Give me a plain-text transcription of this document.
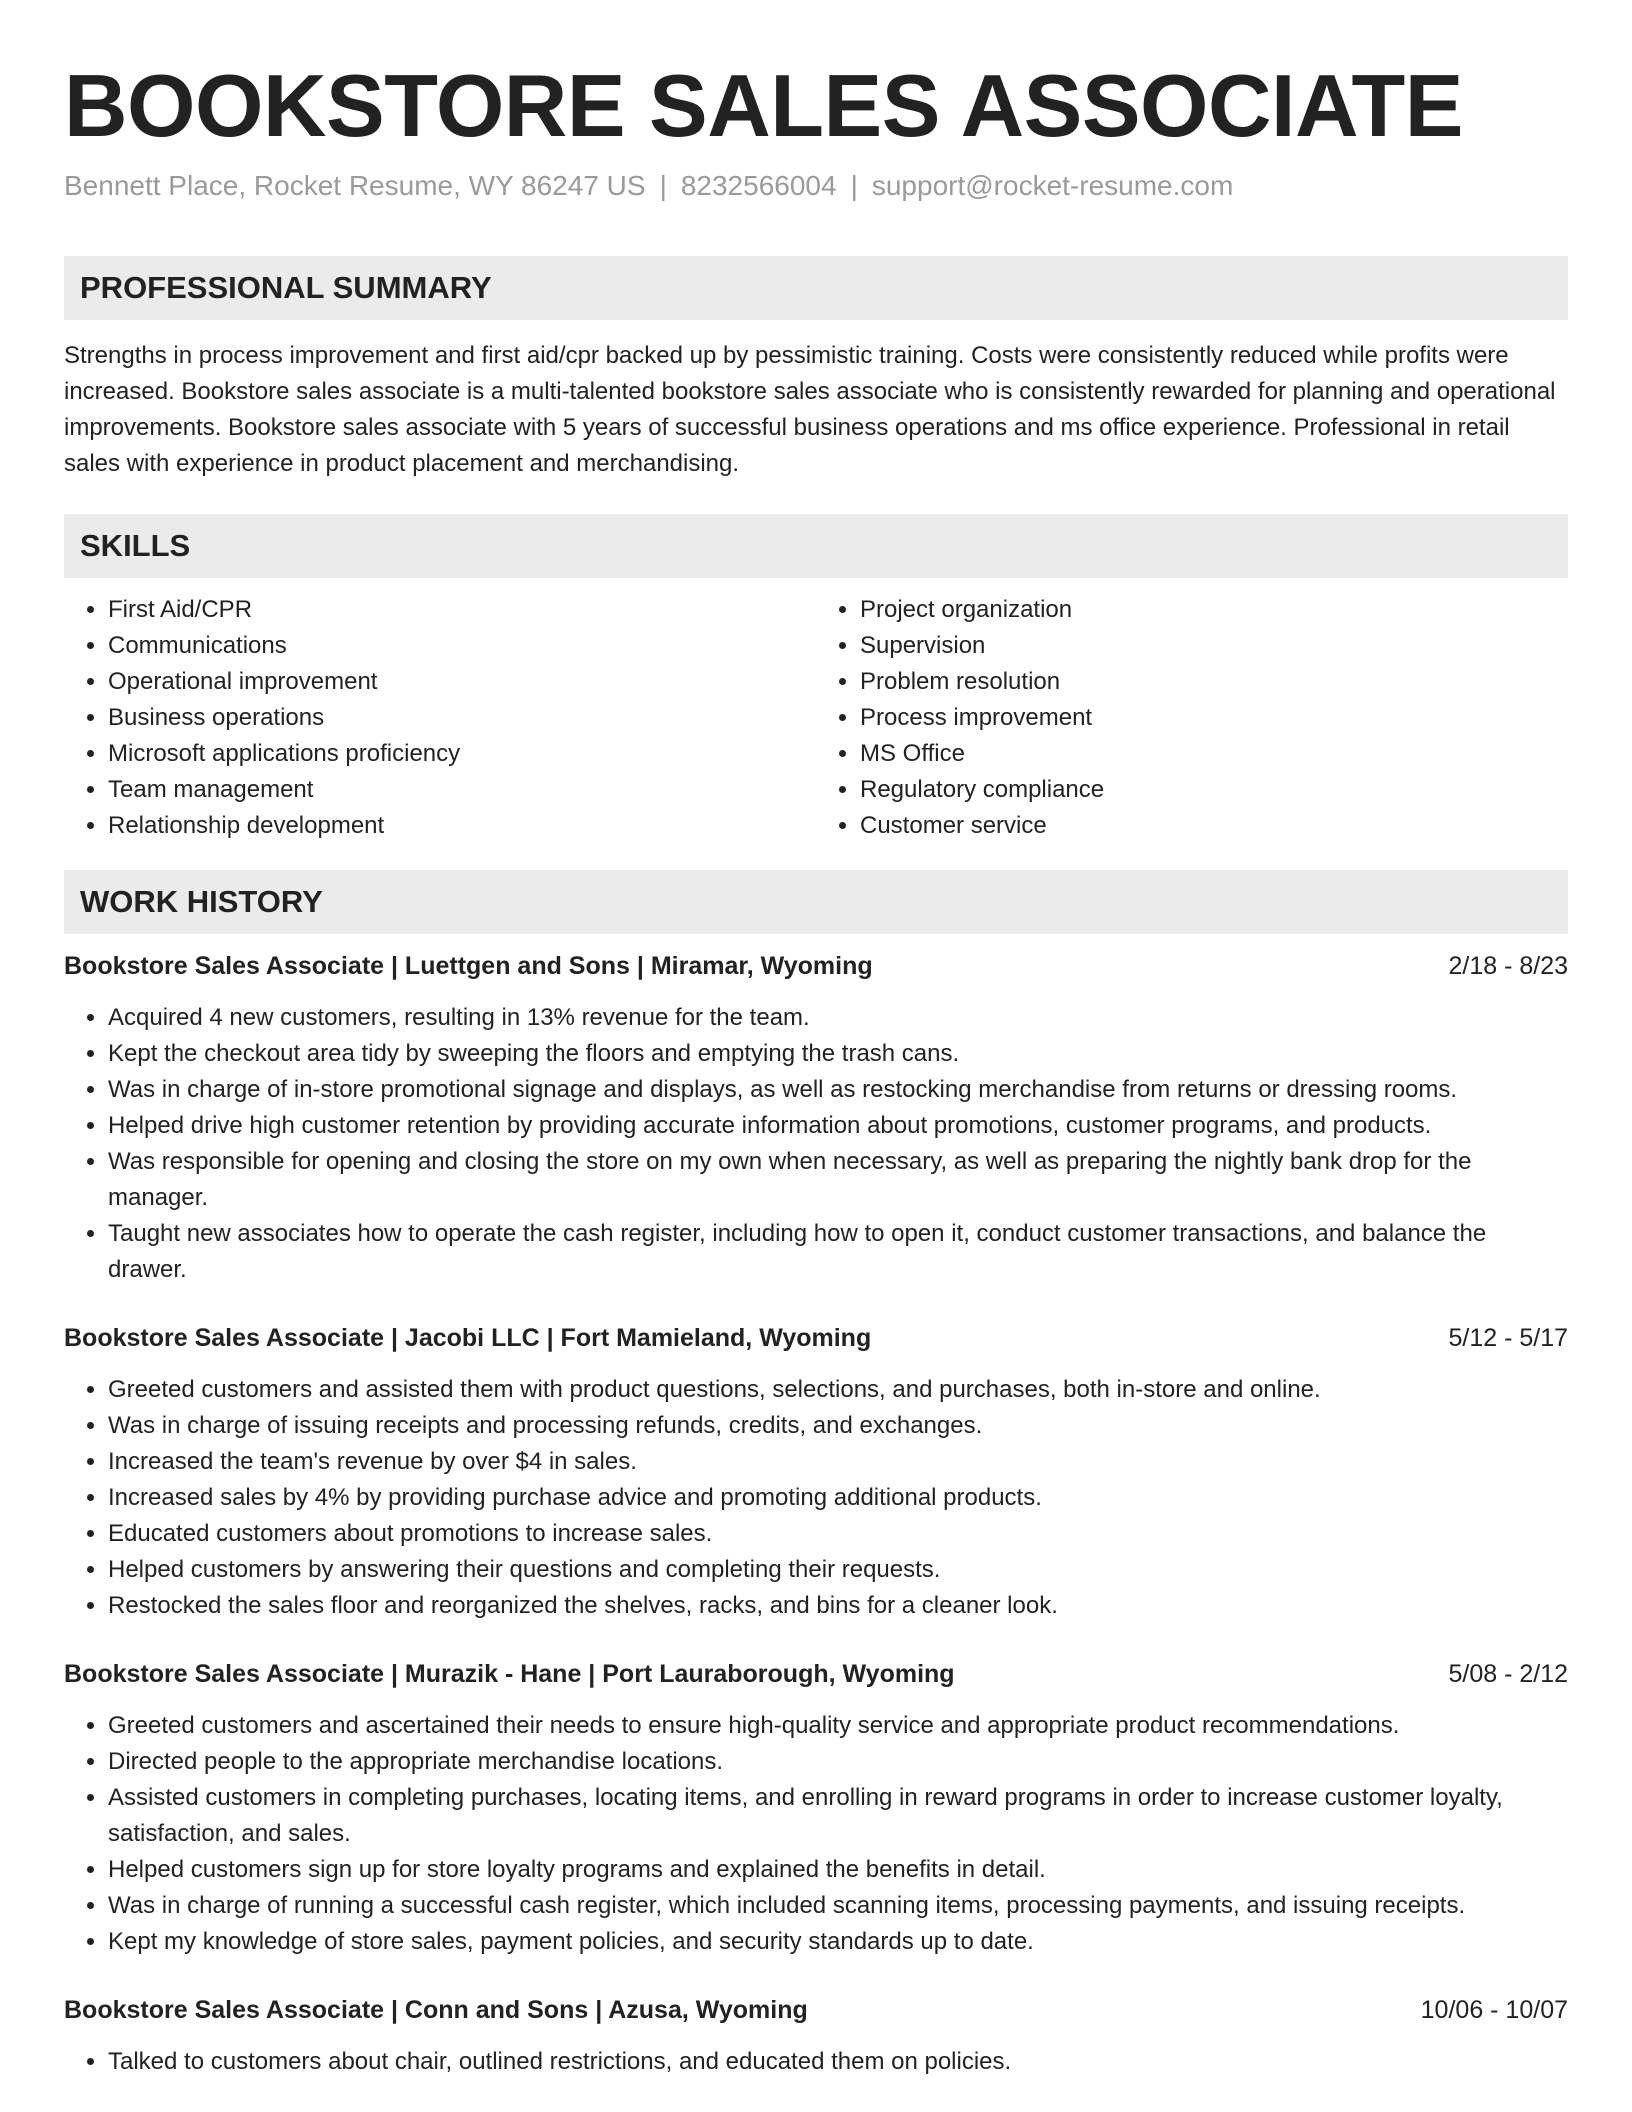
BOOKSTORE SALES ASSOCIATE
Bennett Place, Rocket Resume, WY 86247 US | 8232566004 | support@rocket-resume.com
PROFESSIONAL SUMMARY

Strengths in process improvement and first aid/cpr backed up by pessimistic training. Costs were consistently reduced while profits were increased. Bookstore sales associate is a multi-talented bookstore sales associate who is consistently rewarded for planning and operational improvements. Bookstore sales associate with 5 years of successful business operations and ms office experience. Professional in retail sales with experience in product placement and merchandising.

SKILLS
• First Aid/CPR
• Communications
• Operational improvement
• Business operations
• Microsoft applications proficiency
• Team management
• Relationship development
• Project organization
• Supervision
• Problem resolution
• Process improvement
• MS Office
• Regulatory compliance
• Customer service
WORK HISTORY
Bookstore Sales Associate | Luettgen and Sons | Miramar, Wyoming	2/18 - 8/23
• Acquired 4 new customers, resulting in 13% revenue for the team.
• Kept the checkout area tidy by sweeping the floors and emptying the trash cans.
• Was in charge of in-store promotional signage and displays, as well as restocking merchandise from returns or dressing rooms.
• Helped drive high customer retention by providing accurate information about promotions, customer programs, and products.
• Was responsible for opening and closing the store on my own when necessary, as well as preparing the nightly bank drop for the manager.
• Taught new associates how to operate the cash register, including how to open it, conduct customer transactions, and balance the drawer.
Bookstore Sales Associate | Jacobi LLC | Fort Mamieland, Wyoming	5/12 - 5/17
• Greeted customers and assisted them with product questions, selections, and purchases, both in-store and online.
• Was in charge of issuing receipts and processing refunds, credits, and exchanges.
• Increased the team's revenue by over $4 in sales.
• Increased sales by 4% by providing purchase advice and promoting additional products.
• Educated customers about promotions to increase sales.
• Helped customers by answering their questions and completing their requests.
• Restocked the sales floor and reorganized the shelves, racks, and bins for a cleaner look.
Bookstore Sales Associate | Murazik - Hane | Port Lauraborough, Wyoming	5/08 - 2/12
• Greeted customers and ascertained their needs to ensure high-quality service and appropriate product recommendations.
• Directed people to the appropriate merchandise locations.
• Assisted customers in completing purchases, locating items, and enrolling in reward programs in order to increase customer loyalty, satisfaction, and sales.
• Helped customers sign up for store loyalty programs and explained the benefits in detail.
• Was in charge of running a successful cash register, which included scanning items, processing payments, and issuing receipts.
• Kept my knowledge of store sales, payment policies, and security standards up to date.
Bookstore Sales Associate | Conn and Sons | Azusa, Wyoming	10/06 - 10/07
• Talked to customers about chair, outlined restrictions, and educated them on policies.
